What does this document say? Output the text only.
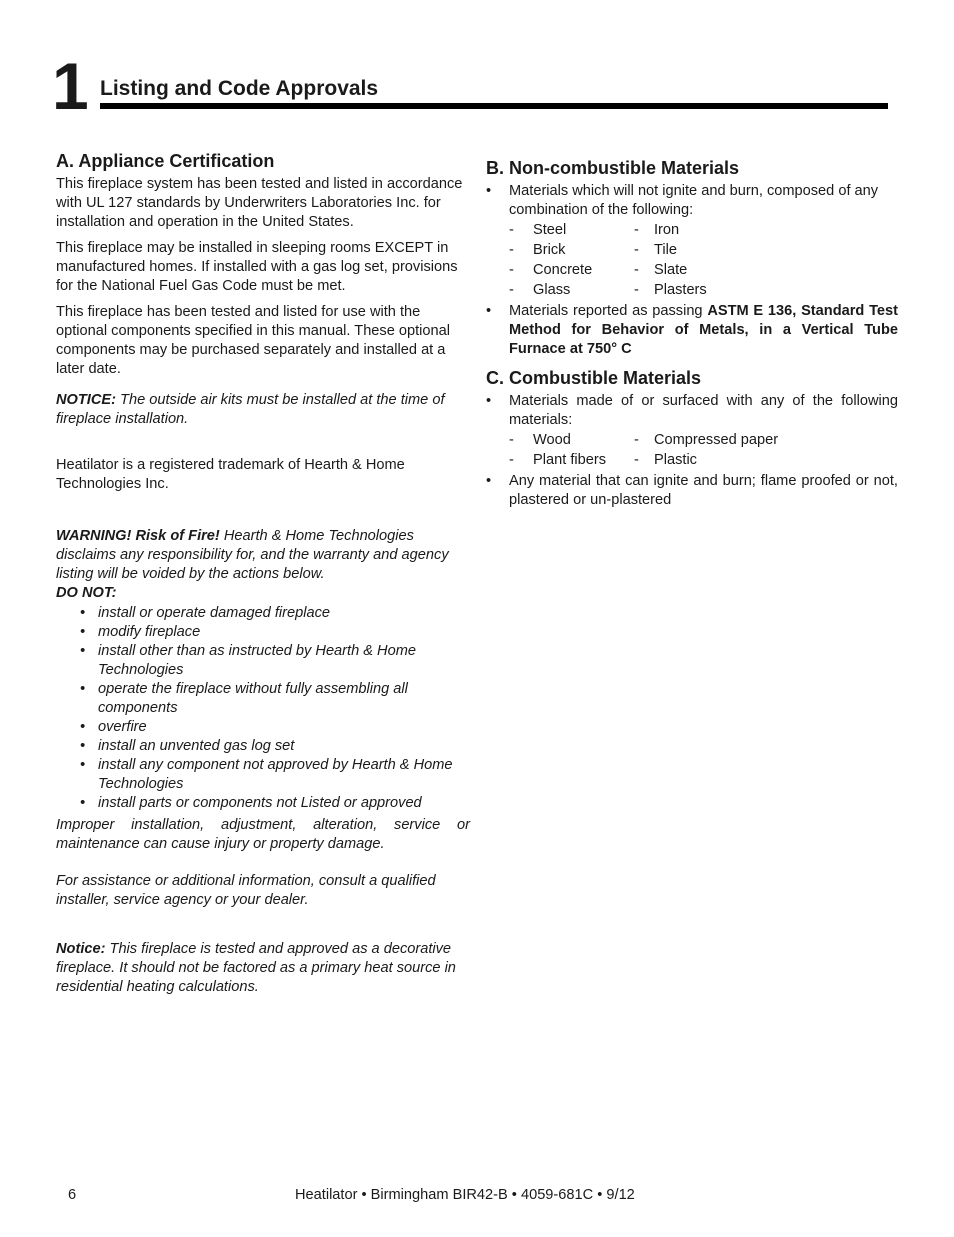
1 Listing and Code Approvals
A. Appliance Certification

This fireplace system has been tested and listed in accordance with UL 127 standards by Underwriters Laboratories Inc. for installation and operation in the United States.

This fireplace may be installed in sleeping rooms EXCEPT in manufactured homes. If installed with a gas log set, provisions for the National Fuel Gas Code must be met.

This fireplace has been tested and listed for use with the optional components specified in this manual. These optional components may be purchased separately and installed at a later date.

NOTICE: The outside air kits must be installed at the time of fireplace installation.

Heatilator is a registered trademark of Hearth & Home Technologies Inc.

WARNING! Risk of Fire! Hearth & Home Technologies disclaims any responsibility for, and the warranty and agency listing will be voided by the actions below.
DO NOT:
• install or operate damaged fireplace
• modify fireplace
• install other than as instructed by Hearth & Home Technologies
• operate the fireplace without fully assembling all components
• overfire
• install an unvented gas log set
• install any component not approved by Hearth & Home Technologies
• install parts or components not Listed or approved

Improper installation, adjustment, alteration, service or maintenance can cause injury or property damage.

For assistance or additional information, consult a qualified installer, service agency or your dealer.

Notice: This fireplace is tested and approved as a decorative fireplace. It should not be factored as a primary heat source in residential heating calculations.

B. Non-combustible Materials
• Materials which will not ignite and burn, composed of any combination of the following:
-	Steel	-	Iron
-	Brick	-	Tile
-	Concrete	-	Slate
-	Glass	-	Plasters
• Materials reported as passing ASTM E 136, Standard Test Method for Behavior of Metals, in a Vertical Tube Furnace at 750° C
C. Combustible Materials
• Materials made of or surfaced with any of the following materials:
-	Wood	-	Compressed paper
-	Plant fibers	-	Plastic
• Any material that can ignite and burn; flame proofed or not, plastered or un-plastered
6	Heatilator • Birmingham BIR42-B • 4059-681C • 9/12
